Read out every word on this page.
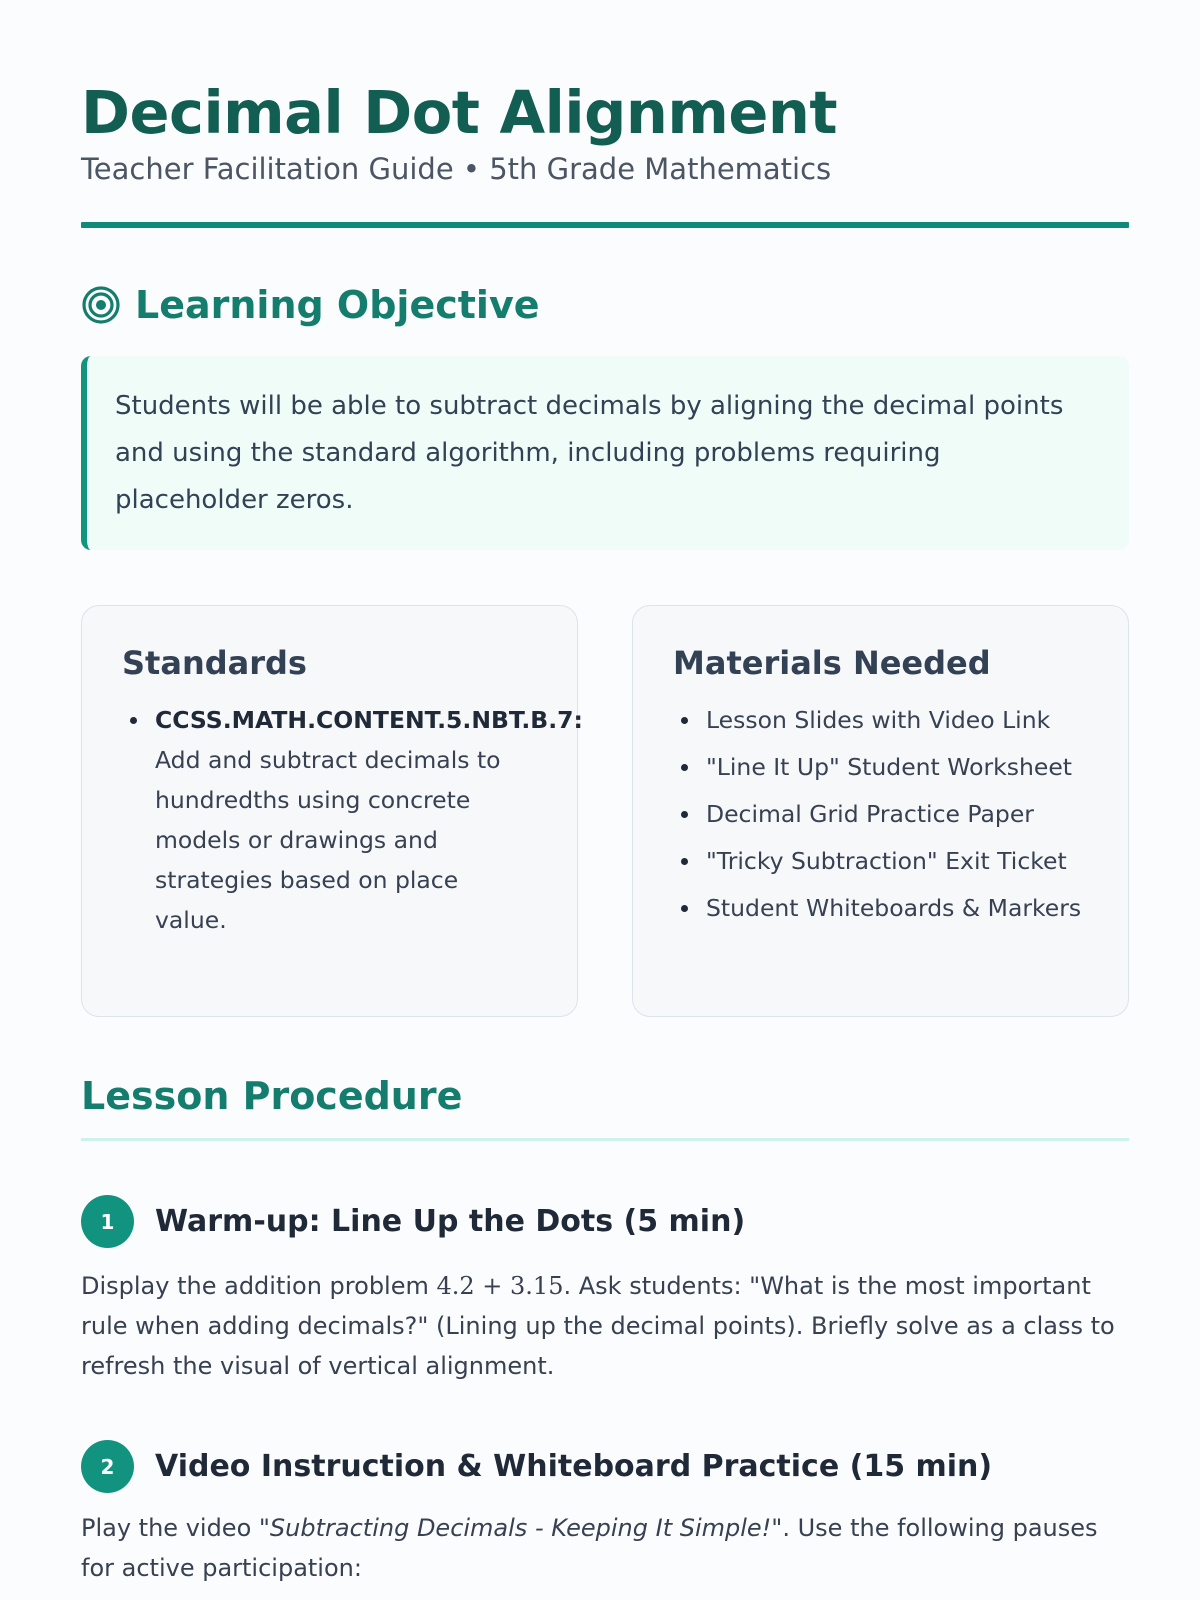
Decimal Dot Alignment
Teacher Facilitation Guide • 5th Grade Mathematics
Learning Objective

Students will be able to subtract decimals by aligning the decimal points and using the standard algorithm, including problems requiring placeholder zeros.

Standards
CCSS.MATH.CONTENT.5.NBT.B.7: Add and subtract decimals to hundredths using concrete models or drawings and strategies based on place value.
Materials Needed
Lesson Slides with Video Link
"Line It Up" Student Worksheet
Decimal Grid Practice Paper
"Tricky Subtraction" Exit Ticket
Student Whiteboards & Markers
Lesson Procedure
1	Warm-up: Line Up the Dots (5 min)

Display the addition problem 4.2 + 3.15. Ask students: "What is the most important rule when adding decimals?" (Lining up the decimal points). Briefly solve as a class to refresh the visual of vertical alignment.

2	Video Instruction & Whiteboard Practice (15 min)

Play the video "Subtracting Decimals - Keeping It Simple!". Use the following pauses for active participation:
